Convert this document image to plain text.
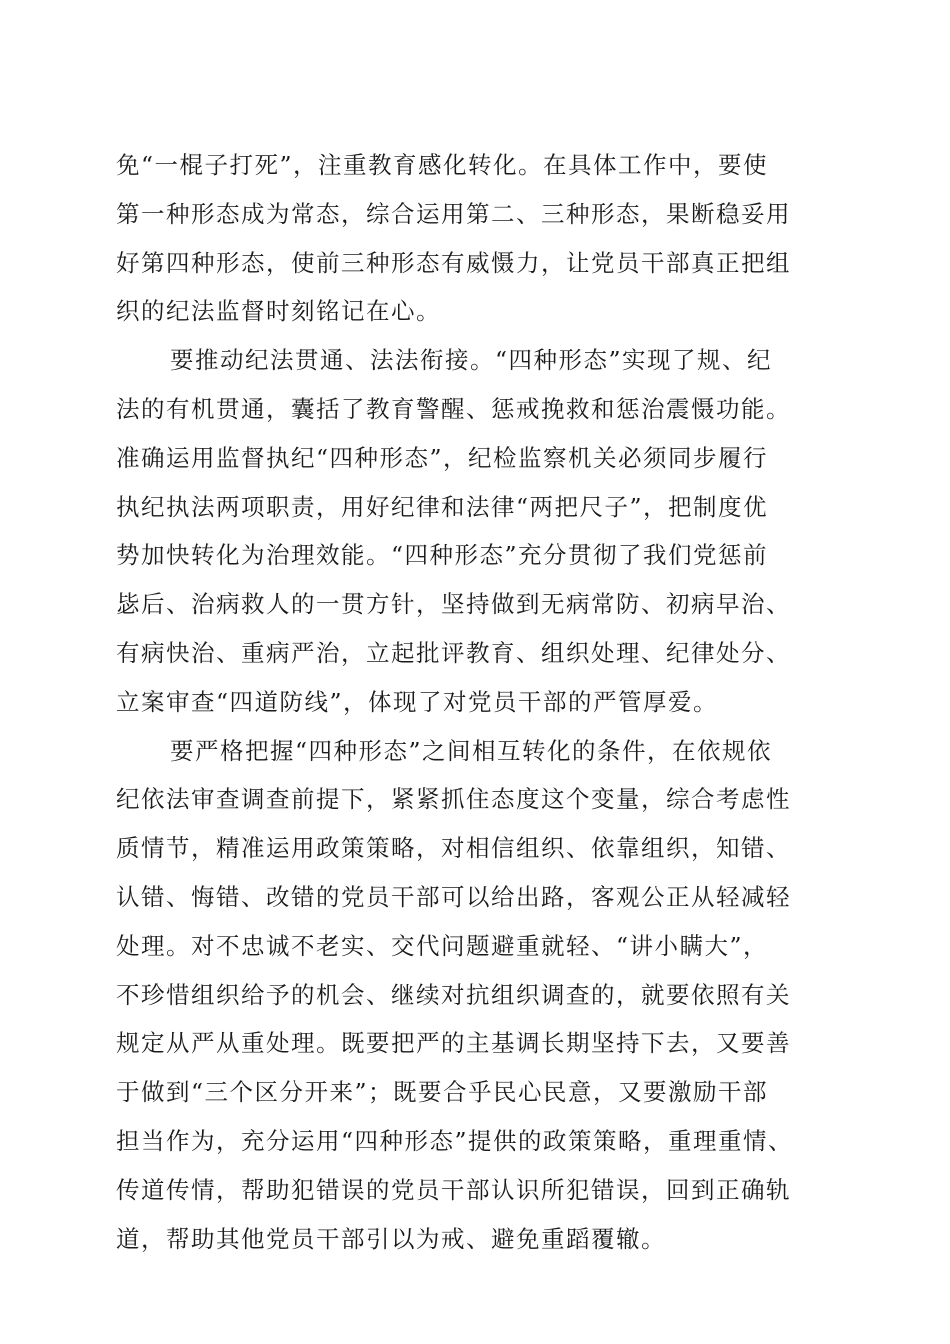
免“一棍子打死”，注重教育感化转化。在具体工作中，要使
第一种形态成为常态，综合运用第二、三种形态，果断稳妥用
好第四种形态，使前三种形态有威慑力，让党员干部真正把组
织的纪法监督时刻铭记在心。
要推动纪法贯通、法法衔接。“四种形态”实现了规、纪
法的有机贯通，囊括了教育警醒、惩戒挽救和惩治震慑功能。
准确运用监督执纪“四种形态”，纪检监察机关必须同步履行
执纪执法两项职责，用好纪律和法律“两把尺子”，把制度优
势加快转化为治理效能。“四种形态”充分贯彻了我们党惩前
毖后、治病救人的一贯方针，坚持做到无病常防、初病早治、
有病快治、重病严治，立起批评教育、组织处理、纪律处分、
立案审查“四道防线”，体现了对党员干部的严管厚爱。
要严格把握“四种形态”之间相互转化的条件，在依规依
纪依法审查调查前提下，紧紧抓住态度这个变量，综合考虑性
质情节，精准运用政策策略，对相信组织、依靠组织，知错、
认错、悔错、改错的党员干部可以给出路，客观公正从轻减轻
处理。对不忠诚不老实、交代问题避重就轻、“讲小瞒大”，
不珍惜组织给予的机会、继续对抗组织调查的，就要依照有关
规定从严从重处理。既要把严的主基调长期坚持下去，又要善
于做到“三个区分开来”；既要合乎民心民意，又要激励干部
担当作为，充分运用“四种形态”提供的政策策略，重理重情、
传道传情，帮助犯错误的党员干部认识所犯错误，回到正确轨
道，帮助其他党员干部引以为戒、避免重蹈覆辙。
